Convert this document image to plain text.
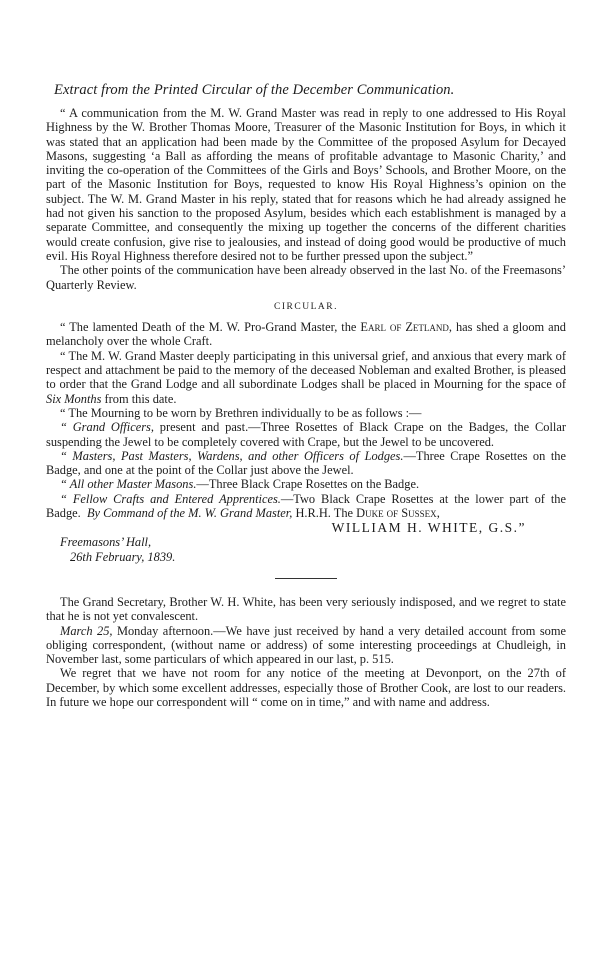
Extract from the Printed Circular of the December Communication.

“ A communication from the M. W. Grand Master was read in reply to one addressed to His Royal Highness by the W. Brother Thomas Moore, Treasurer of the Masonic Institution for Boys, in which it was stated that an application had been made by the Committee of the proposed Asylum for Decayed Masons, suggesting ‘a Ball as affording the means of profitable advantage to Masonic Charity,’ and inviting the co-operation of the Committees of the Girls and Boys’ Schools, and Brother Moore, on the part of the Masonic Institution for Boys, requested to know His Royal Highness’s opinion on the subject. The W. M. Grand Master in his reply, stated that for reasons which he had already assigned he had not given his sanction to the proposed Asylum, besides which each establishment is managed by a separate Committee, and consequently the mixing up together the concerns of the different charities would create confusion, give rise to jealousies, and instead of doing good would be productive of much evil. His Royal Highness therefore desired not to be further pressed upon the subject.”

The other points of the communication have been already observed in the last No. of the Freemasons’ Quarterly Review.

CIRCULAR.

“ The lamented Death of the M. W. Pro-Grand Master, the Earl of Zetland, has shed a gloom and melancholy over the whole Craft.

“ The M. W. Grand Master deeply participating in this universal grief, and anxious that every mark of respect and attachment be paid to the memory of the deceased Nobleman and exalted Brother, is pleased to order that the Grand Lodge and all subordinate Lodges shall be placed in Mourning for the space of Six Months from this date.

“ The Mourning to be worn by Brethren individually to be as follows :—

“ Grand Officers, present and past.—Three Rosettes of Black Crape on the Badges, the Collar suspending the Jewel to be completely covered with Crape, but the Jewel to be uncovered.

“ Masters, Past Masters, Wardens, and other Officers of Lodges.—Three Crape Rosettes on the Badge, and one at the point of the Collar just above the Jewel.

“ All other Master Masons.—Three Black Crape Rosettes on the Badge.

“ Fellow Crafts and Entered Apprentices.—Two Black Crape Rosettes at the lower part of the Badge. By Command of the M. W. Grand Master, H.R.H. The Duke of Sussex,

WILLIAM H. WHITE, G.S.”

Freemasons’ Hall,

26th February, 1839.

The Grand Secretary, Brother W. H. White, has been very seriously indisposed, and we regret to state that he is not yet convalescent.

March 25, Monday afternoon.—We have just received by hand a very detailed account from some obliging correspondent, (without name or address) of some interesting proceedings at Chudleigh, in November last, some particulars of which appeared in our last, p. 515.

We regret that we have not room for any notice of the meeting at Devonport, on the 27th of December, by which some excellent addresses, especially those of Brother Cook, are lost to our readers. In future we hope our correspondent will “ come on in time,” and with name and address.
